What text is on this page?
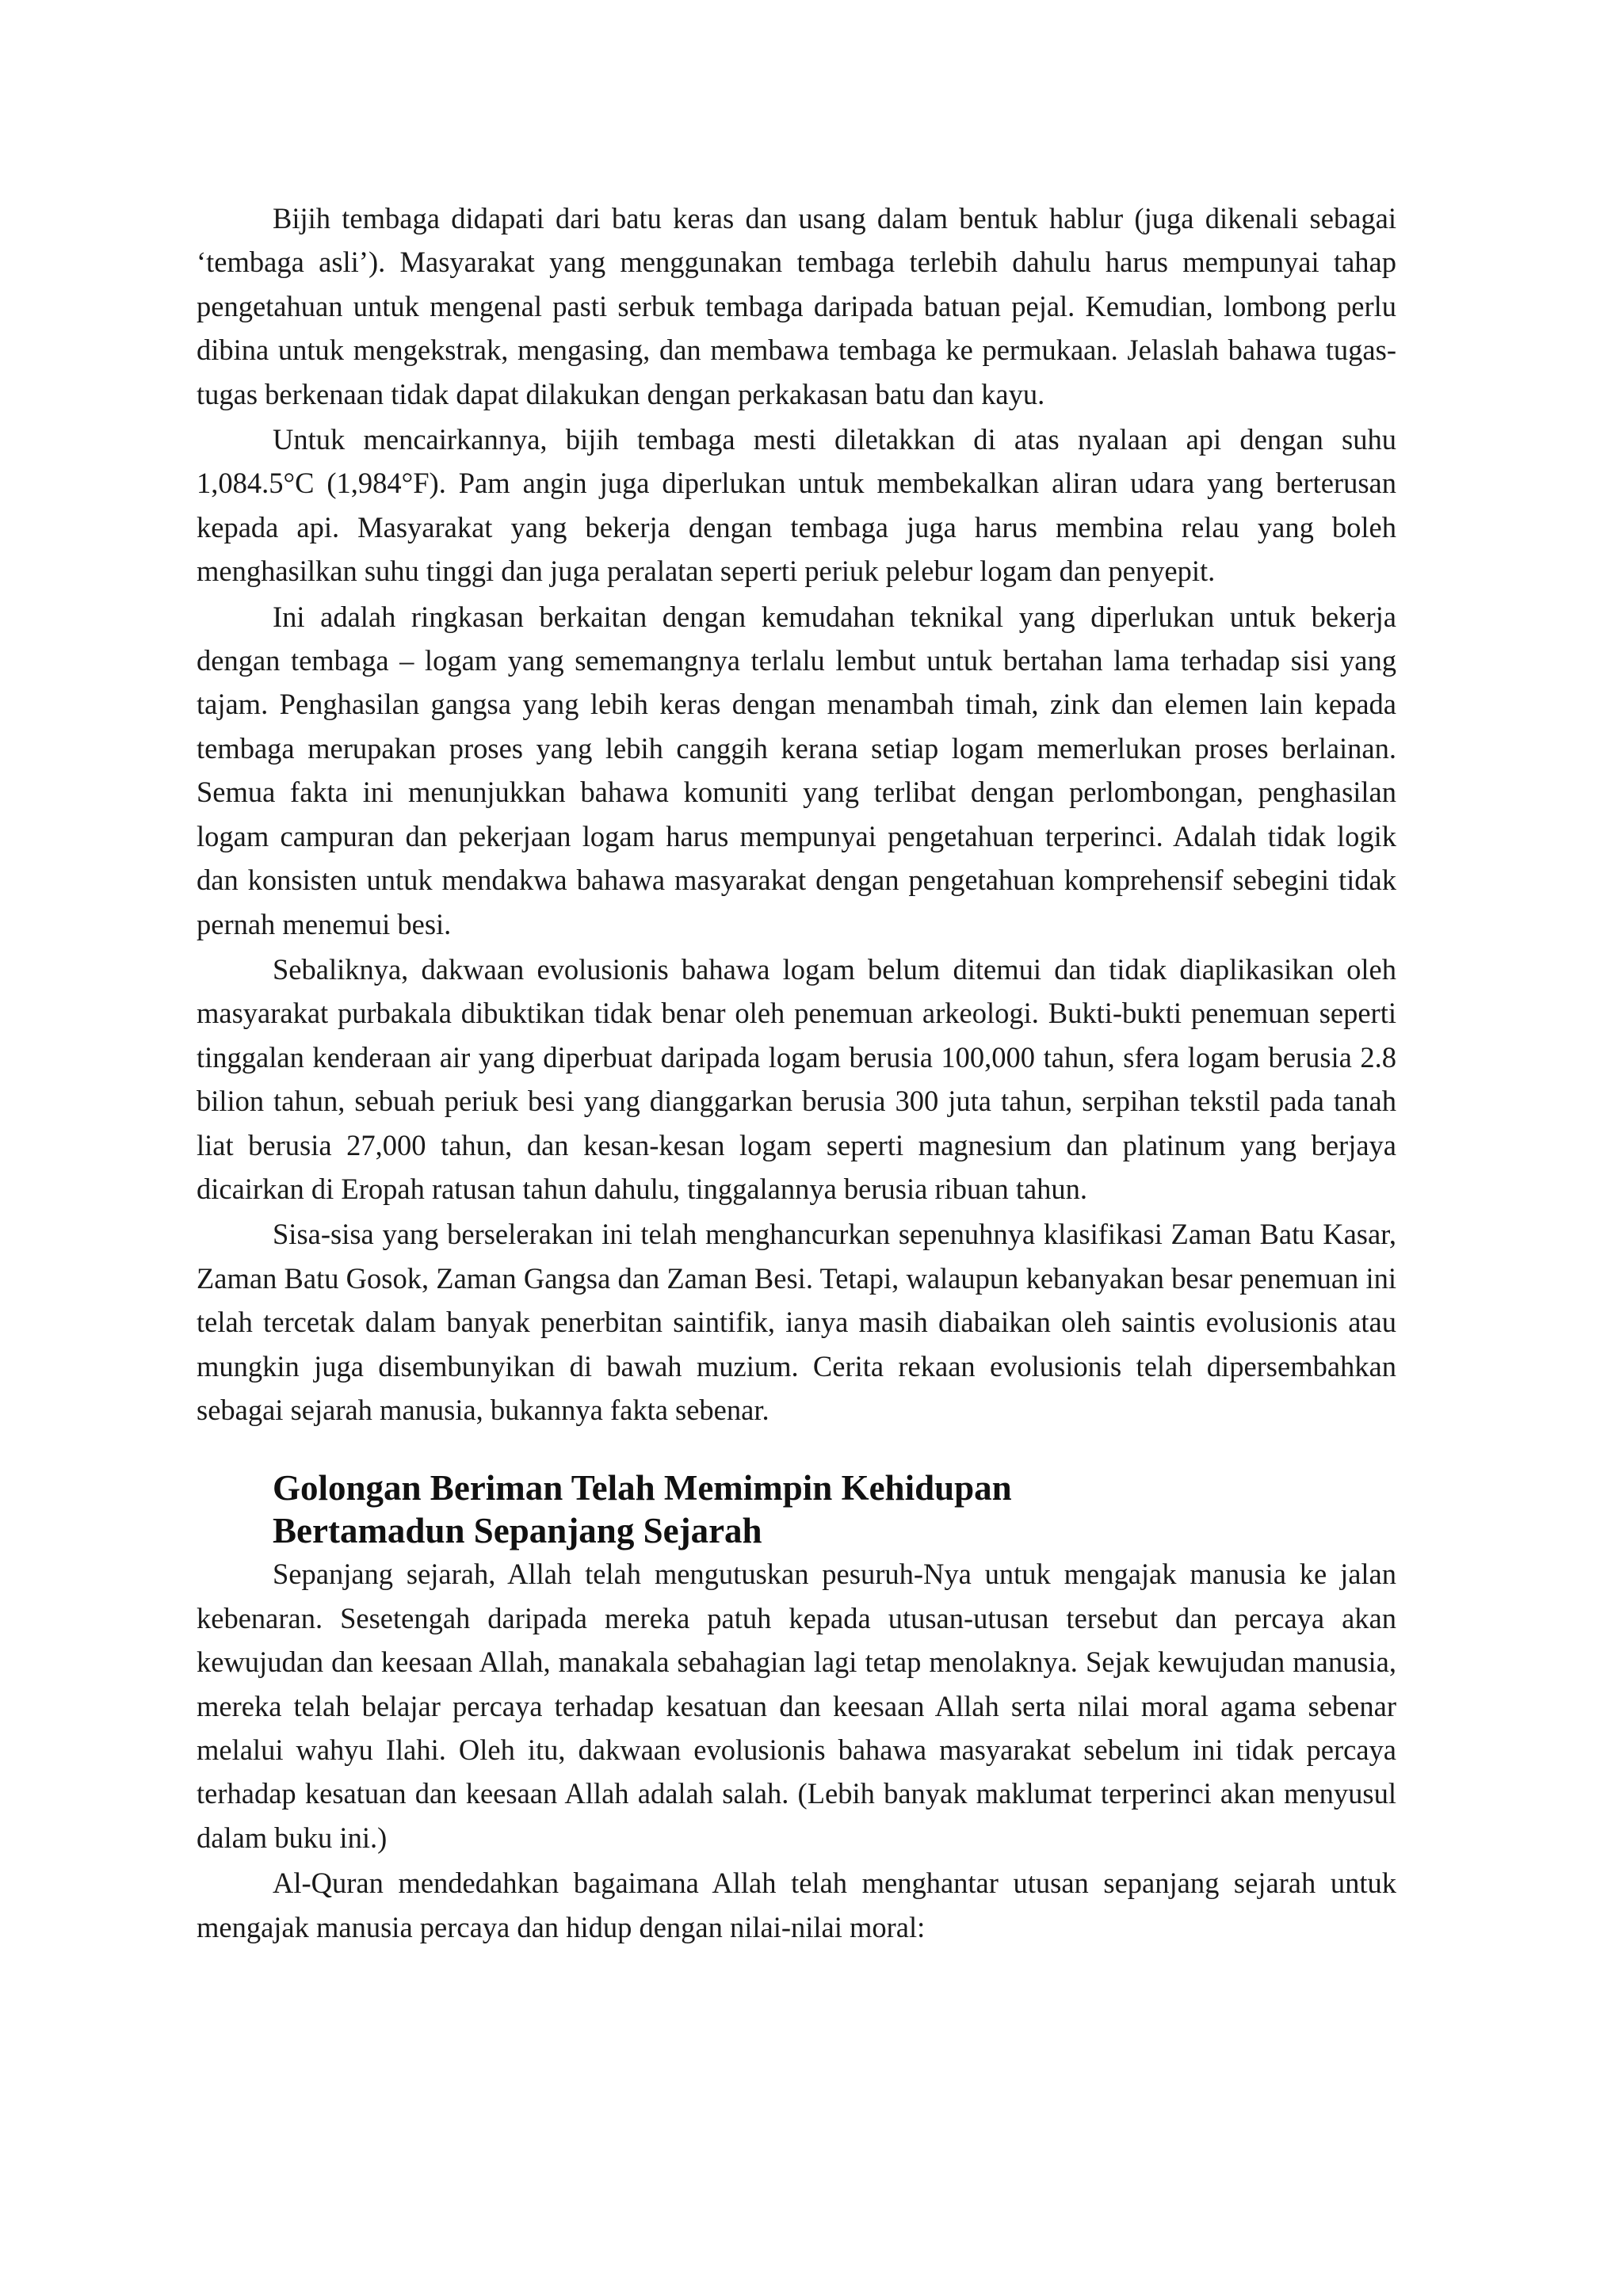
Bijih tembaga didapati dari batu keras dan usang dalam bentuk hablur (juga dikenali sebagai ‘tembaga asli’). Masyarakat yang menggunakan tembaga terlebih dahulu harus mempunyai tahap pengetahuan untuk mengenal pasti serbuk tembaga daripada batuan pejal. Kemudian, lombong perlu dibina untuk mengekstrak, mengasing, dan membawa tembaga ke permukaan. Jelaslah bahawa tugas-tugas berkenaan tidak dapat dilakukan dengan perkakasan batu dan kayu.

Untuk mencairkannya, bijih tembaga mesti diletakkan di atas nyalaan api dengan suhu 1,084.5°C (1,984°F). Pam angin juga diperlukan untuk membekalkan aliran udara yang berterusan kepada api. Masyarakat yang bekerja dengan tembaga juga harus membina relau yang boleh menghasilkan suhu tinggi dan juga peralatan seperti periuk pelebur logam dan penyepit.

Ini adalah ringkasan berkaitan dengan kemudahan teknikal yang diperlukan untuk bekerja dengan tembaga – logam yang sememangnya terlalu lembut untuk bertahan lama terhadap sisi yang tajam. Penghasilan gangsa yang lebih keras dengan menambah timah, zink dan elemen lain kepada tembaga merupakan proses yang lebih canggih kerana setiap logam memerlukan proses berlainan. Semua fakta ini menunjukkan bahawa komuniti yang terlibat dengan perlombongan, penghasilan logam campuran dan pekerjaan logam harus mempunyai pengetahuan terperinci. Adalah tidak logik dan konsisten untuk mendakwa bahawa masyarakat dengan pengetahuan komprehensif sebegini tidak pernah menemui besi.

Sebaliknya, dakwaan evolusionis bahawa logam belum ditemui dan tidak diaplikasikan oleh masyarakat purbakala dibuktikan tidak benar oleh penemuan arkeologi. Bukti-bukti penemuan seperti tinggalan kenderaan air yang diperbuat daripada logam berusia 100,000 tahun, sfera logam berusia 2.8 bilion tahun, sebuah periuk besi yang dianggarkan berusia 300 juta tahun, serpihan tekstil pada tanah liat berusia 27,000 tahun, dan kesan-kesan logam seperti magnesium dan platinum yang berjaya dicairkan di Eropah ratusan tahun dahulu, tinggalannya berusia ribuan tahun.

Sisa-sisa yang berselerakan ini telah menghancurkan sepenuhnya klasifikasi Zaman Batu Kasar, Zaman Batu Gosok, Zaman Gangsa dan Zaman Besi. Tetapi, walaupun kebanyakan besar penemuan ini telah tercetak dalam banyak penerbitan saintifik, ianya masih diabaikan oleh saintis evolusionis atau mungkin juga disembunyikan di bawah muzium. Cerita rekaan evolusionis telah dipersembahkan sebagai sejarah manusia, bukannya fakta sebenar.

Golongan Beriman Telah Memimpin Kehidupan
Bertamadun Sepanjang Sejarah

Sepanjang sejarah, Allah telah mengutuskan pesuruh-Nya untuk mengajak manusia ke jalan kebenaran. Sesetengah daripada mereka patuh kepada utusan-utusan tersebut dan percaya akan kewujudan dan keesaan Allah, manakala sebahagian lagi tetap menolaknya. Sejak kewujudan manusia, mereka telah belajar percaya terhadap kesatuan dan keesaan Allah serta nilai moral agama sebenar melalui wahyu Ilahi. Oleh itu, dakwaan evolusionis bahawa masyarakat sebelum ini tidak percaya terhadap kesatuan dan keesaan Allah adalah salah. (Lebih banyak maklumat terperinci akan menyusul dalam buku ini.)

Al-Quran mendedahkan bagaimana Allah telah menghantar utusan sepanjang sejarah untuk mengajak manusia percaya dan hidup dengan nilai-nilai moral:
